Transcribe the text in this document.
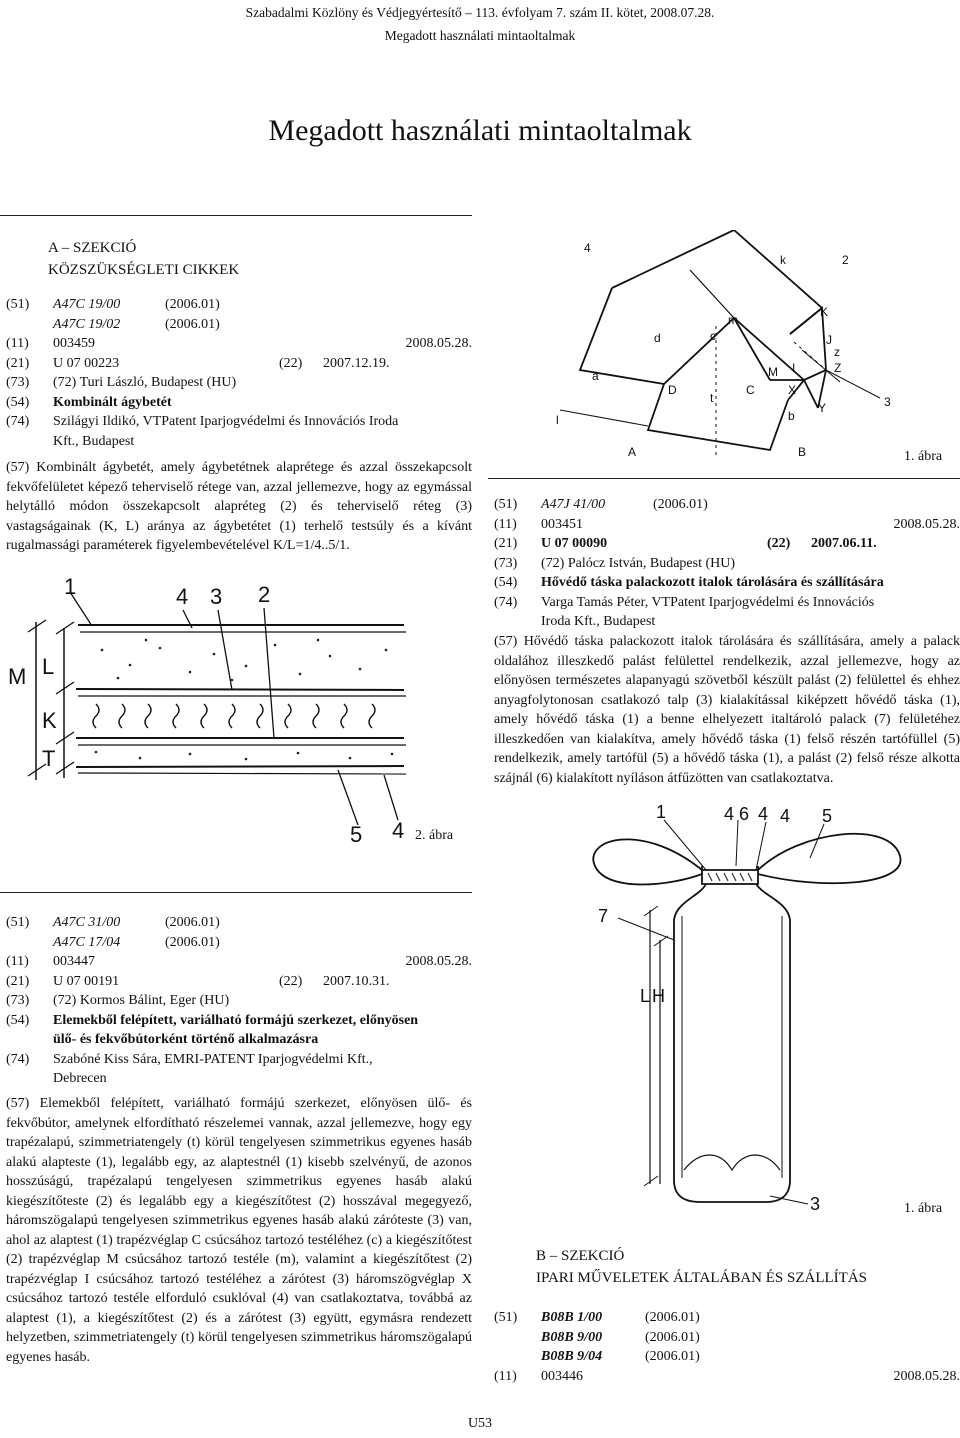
Szabadalmi Közlöny és Védjegyértesítő – 113. évfolyam 7. szám II. kötet, 2008.07.28.
Megadott használati mintaoltalmak
Megadott használati mintaoltalmak
A – SZEKCIÓ
KÖZSZÜKSÉGLETI CIKKEK
(51) A47C 19/00	(2006.01)
A47C 19/02	(2006.01)
(11) 003459	2008.05.28.
(21) U 07 00223	(22) 2007.12.19.
(73) (72) Turi László, Budapest (HU)
(54) Kombinált ágybetét
(74) Szilágyi Ildikó, VTPatent Iparjogvédelmi és Innovációs Iroda
Kft., Budapest
(57) Kombinált ágybetét, amely ágybetétnek alaprétege és azzal összekapcsolt fekvőfelületet képező teherviselő rétege van, azzal jellemezve, hogy az egymással helytálló módon összekapcsolt alapréteg (2) és teherviselő réteg (3) vastagságainak (K, L) aránya az ágybetétet (1) terhelő testsúly és a kívánt rugalmassági paraméterek figyelembevételével K/L=1/4..5/1.
1	4 3 2
L
M
K
T
5 4 2. ábra
(51) A47C 31/00	(2006.01)
A47C 17/04	(2006.01)
(11) 003447	2008.05.28.
(21) U 07 00191	(22) 2007.10.31.
(73) (72) Kormos Bálint, Eger (HU)
(54) Elemekből felépített, variálható formájú szerkezet, előnyösen
ülő- és fekvőbútorként történő alkalmazásra
(74) Szabóné Kiss Sára, EMRI-PATENT Iparjogvédelmi Kft.,
Debrecen
(57) Elemekből felépített, variálható formájú szerkezet, előnyösen ülő- és fekvőbútor, amelynek elfordítható részelemei vannak, azzal jellemezve, hogy egy trapézalapú, szimmetriatengely (t) körül tengelyesen szimmetrikus egyenes hasáb alakú alapteste (1), legalább egy, az alaptestnél (1) kisebb szelvényű, de azonos hosszúságú, trapézalapú tengelyesen szimmetrikus egyenes hasáb alakú kiegészítőteste (2) és legalább egy a kiegészítőtest (2) hosszával megegyező, háromszögalapú tengelyesen szimmetrikus egyenes hasáb alakú záróteste (3) van, ahol az alaptest (1) trapézvéglap C csúcsához tartozó testéléhez (c) a kiegészítőtest (2) trapézvéglap M csúcsához tartozó testéle (m), valamint a kiegészítőtest (2) trapézvéglap I csúcsához tartozó testéléhez a zárótest (3) háromszögvéglap X csúcsához tartozó testéle elforduló csuklóval (4) van csatlakoztatva, továbbá az alaptest (1), a kiegészítőtest (2) és a zárótest (3) együtt, egymásra rendezett helyzetben, szimmetriatengely (t) körül tengelyesen szimmetrikus háromszögalapú egyenes hasáb.
4
k	2
K
J
z
Z
m
d	c
M I
X
a
D
t
C
Y	3
b
l
A	B	1. ábra
(51) A47J 41/00	(2006.01)
(11) 003451	2008.05.28.
(21) U 07 00090	(22) 2007.06.11.
(73) (72) Palócz István, Budapest (HU)
(54) Hővédő táska palackozott italok tárolására és szállítására
(74) Varga Tamás Péter, VTPatent Iparjogvédelmi és Innovációs
Iroda Kft., Budapest
(57) Hővédő táska palackozott italok tárolására és szállítására, amely a palack oldalához illeszkedő palást felülettel rendelkezik, azzal jellemezve, hogy az előnyösen természetes alapanyagú szövetből készült palást (2) felülettel és ehhez anyagfolytonosan csatlakozó talp (3) kialakítással kiképzett hővédő táska (1), amely hővédő táska (1) a benne elhelyezett italtároló palack (7) felületéhez illeszkedően van kialakítva, amely hővédő táska (1) felső részén tartófüllel (5) rendelkezik, amely tartófül (5) a hővédő táska (1), a palást (2) felső része alkotta szájnál (6) kialakított nyíláson átfűzötten van csatlakoztatva.
1	4 6 4 4 5
7
L H
3	1. ábra
B – SZEKCIÓ
IPARI MŰVELETEK ÁLTALÁBAN ÉS SZÁLLÍTÁS
(51) B08B 1/00	(2006.01)
B08B 9/00	(2006.01)
B08B 9/04	(2006.01)
(11) 003446	2008.05.28.
U53
